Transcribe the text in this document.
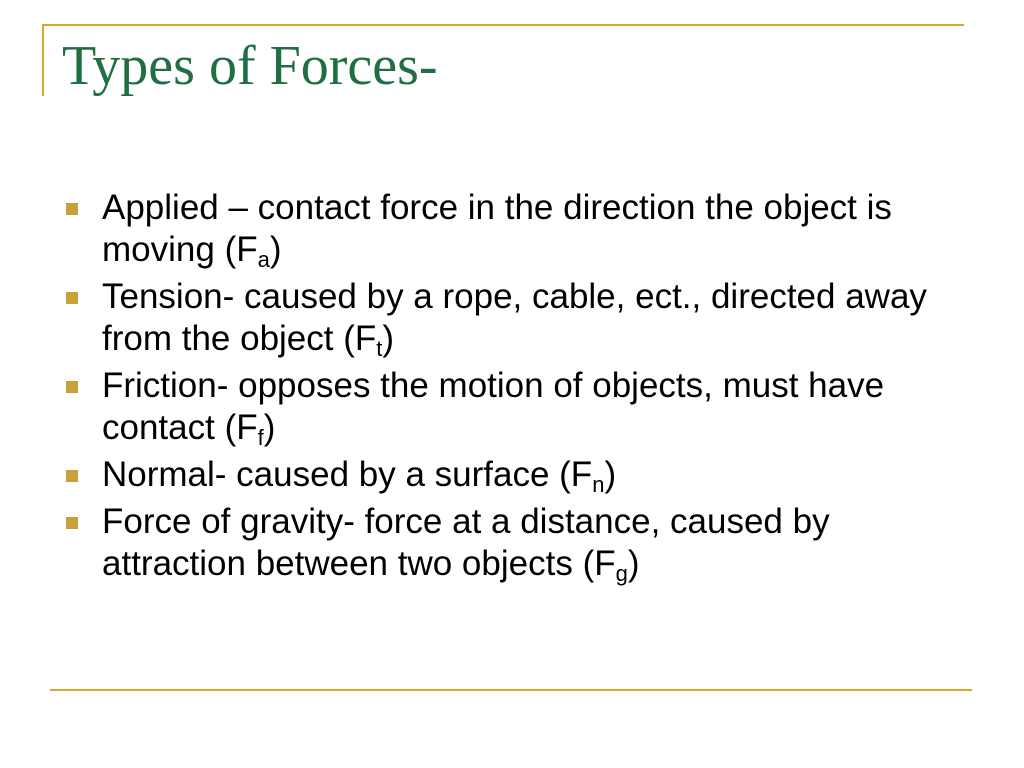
Types of Forces-
Applied – contact force in the direction the object is moving $(F_a)$
Tension- caused by a rope, cable, ect., directed away from the object $(F_t)$
Friction- opposes the motion of objects, must have contact $(F_f)$
Normal- caused by a surface $(F_n)$
Force of gravity- force at a distance, caused by attraction between two objects $(F_g)$
